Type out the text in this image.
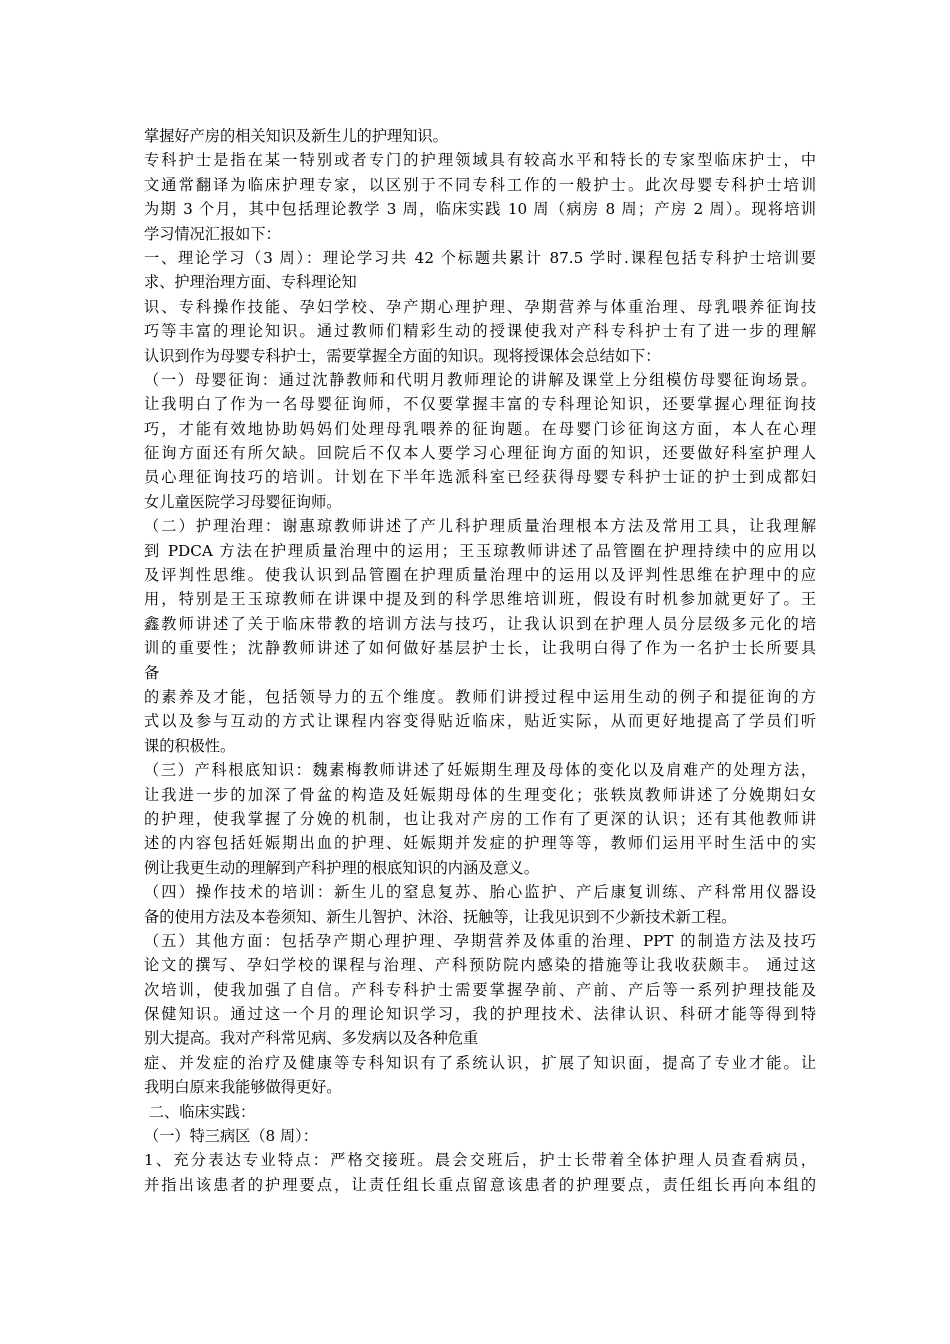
掌握好产房的相关知识及新生儿的护理知识。
专科护士是指在某一特别或者专门的护理领域具有较高水平和特长的专家型临床护士，中
文通常翻译为临床护理专家，以区别于不同专科工作的一般护士。此次母婴专科护士培训
为期 3 个月，其中包括理论教学 3 周，临床实践 10 周（病房 8 周；产房 2 周）。现将培训
学习情况汇报如下：
一、理论学习（3 周）：理论学习共 42 个标题共累计 87.5 学时.课程包括专科护士培训要
求、护理治理方面、专科理论知
识、专科操作技能、孕妇学校、孕产期心理护理、孕期营养与体重治理、母乳喂养征询技
巧等丰富的理论知识。通过教师们精彩生动的授课使我对产科专科护士有了进一步的理解
认识到作为母婴专科护士，需要掌握全方面的知识。现将授课体会总结如下：
（一）母婴征询：通过沈静教师和代明月教师理论的讲解及课堂上分组模仿母婴征询场景。
让我明白了作为一名母婴征询师，不仅要掌握丰富的专科理论知识，还要掌握心理征询技
巧，才能有效地协助妈妈们处理母乳喂养的征询题。在母婴门诊征询这方面，本人在心理
征询方面还有所欠缺。回院后不仅本人要学习心理征询方面的知识，还要做好科室护理人
员心理征询技巧的培训。计划在下半年选派科室已经获得母婴专科护士证的护士到成都妇
女儿童医院学习母婴征询师。
（二）护理治理：谢惠琼教师讲述了产儿科护理质量治理根本方法及常用工具，让我理解
到 PDCA 方法在护理质量治理中的运用；王玉琼教师讲述了品管圈在护理持续中的应用以
及评判性思维。使我认识到品管圈在护理质量治理中的运用以及评判性思维在护理中的应
用，特别是王玉琼教师在讲课中提及到的科学思维培训班，假设有时机参加就更好了。王
鑫教师讲述了关于临床带教的培训方法与技巧，让我认识到在护理人员分层级多元化的培
训的重要性；沈静教师讲述了如何做好基层护士长，让我明白得了作为一名护士长所要具
备
的素养及才能，包括领导力的五个维度。教师们讲授过程中运用生动的例子和提征询的方
式以及参与互动的方式让课程内容变得贴近临床，贴近实际，从而更好地提高了学员们听
课的积极性。
（三）产科根底知识：魏素梅教师讲述了妊娠期生理及母体的变化以及肩难产的处理方法，
让我进一步的加深了骨盆的构造及妊娠期母体的生理变化；张轶岚教师讲述了分娩期妇女
的护理，使我掌握了分娩的机制，也让我对产房的工作有了更深的认识；还有其他教师讲
述的内容包括妊娠期出血的护理、妊娠期并发症的护理等等，教师们运用平时生活中的实
例让我更生动的理解到产科护理的根底知识的内涵及意义。
（四）操作技术的培训：新生儿的窒息复苏、胎心监护、产后康复训练、产科常用仪器设
备的使用方法及本卷须知、新生儿智护、沐浴、抚触等，让我见识到不少新技术新工程。
（五）其他方面：包括孕产期心理护理、孕期营养及体重的治理、PPT 的制造方法及技巧
论文的撰写、孕妇学校的课程与治理、产科预防院内感染的措施等让我收获颇丰。 通过这
次培训，使我加强了自信。产科专科护士需要掌握孕前、产前、产后等一系列护理技能及
保健知识。通过这一个月的理论知识学习，我的护理技术、法律认识、科研才能等得到特
别大提高。我对产科常见病、多发病以及各种危重
症、并发症的治疗及健康等专科知识有了系统认识，扩展了知识面，提高了专业才能。让
我明白原来我能够做得更好。
二、临床实践：
（一）特三病区（8 周）：
1、充分表达专业特点：严格交接班。晨会交班后，护士长带着全体护理人员查看病员，
并指出该患者的护理要点，让责任组长重点留意该患者的护理要点，责任组长再向本组的
